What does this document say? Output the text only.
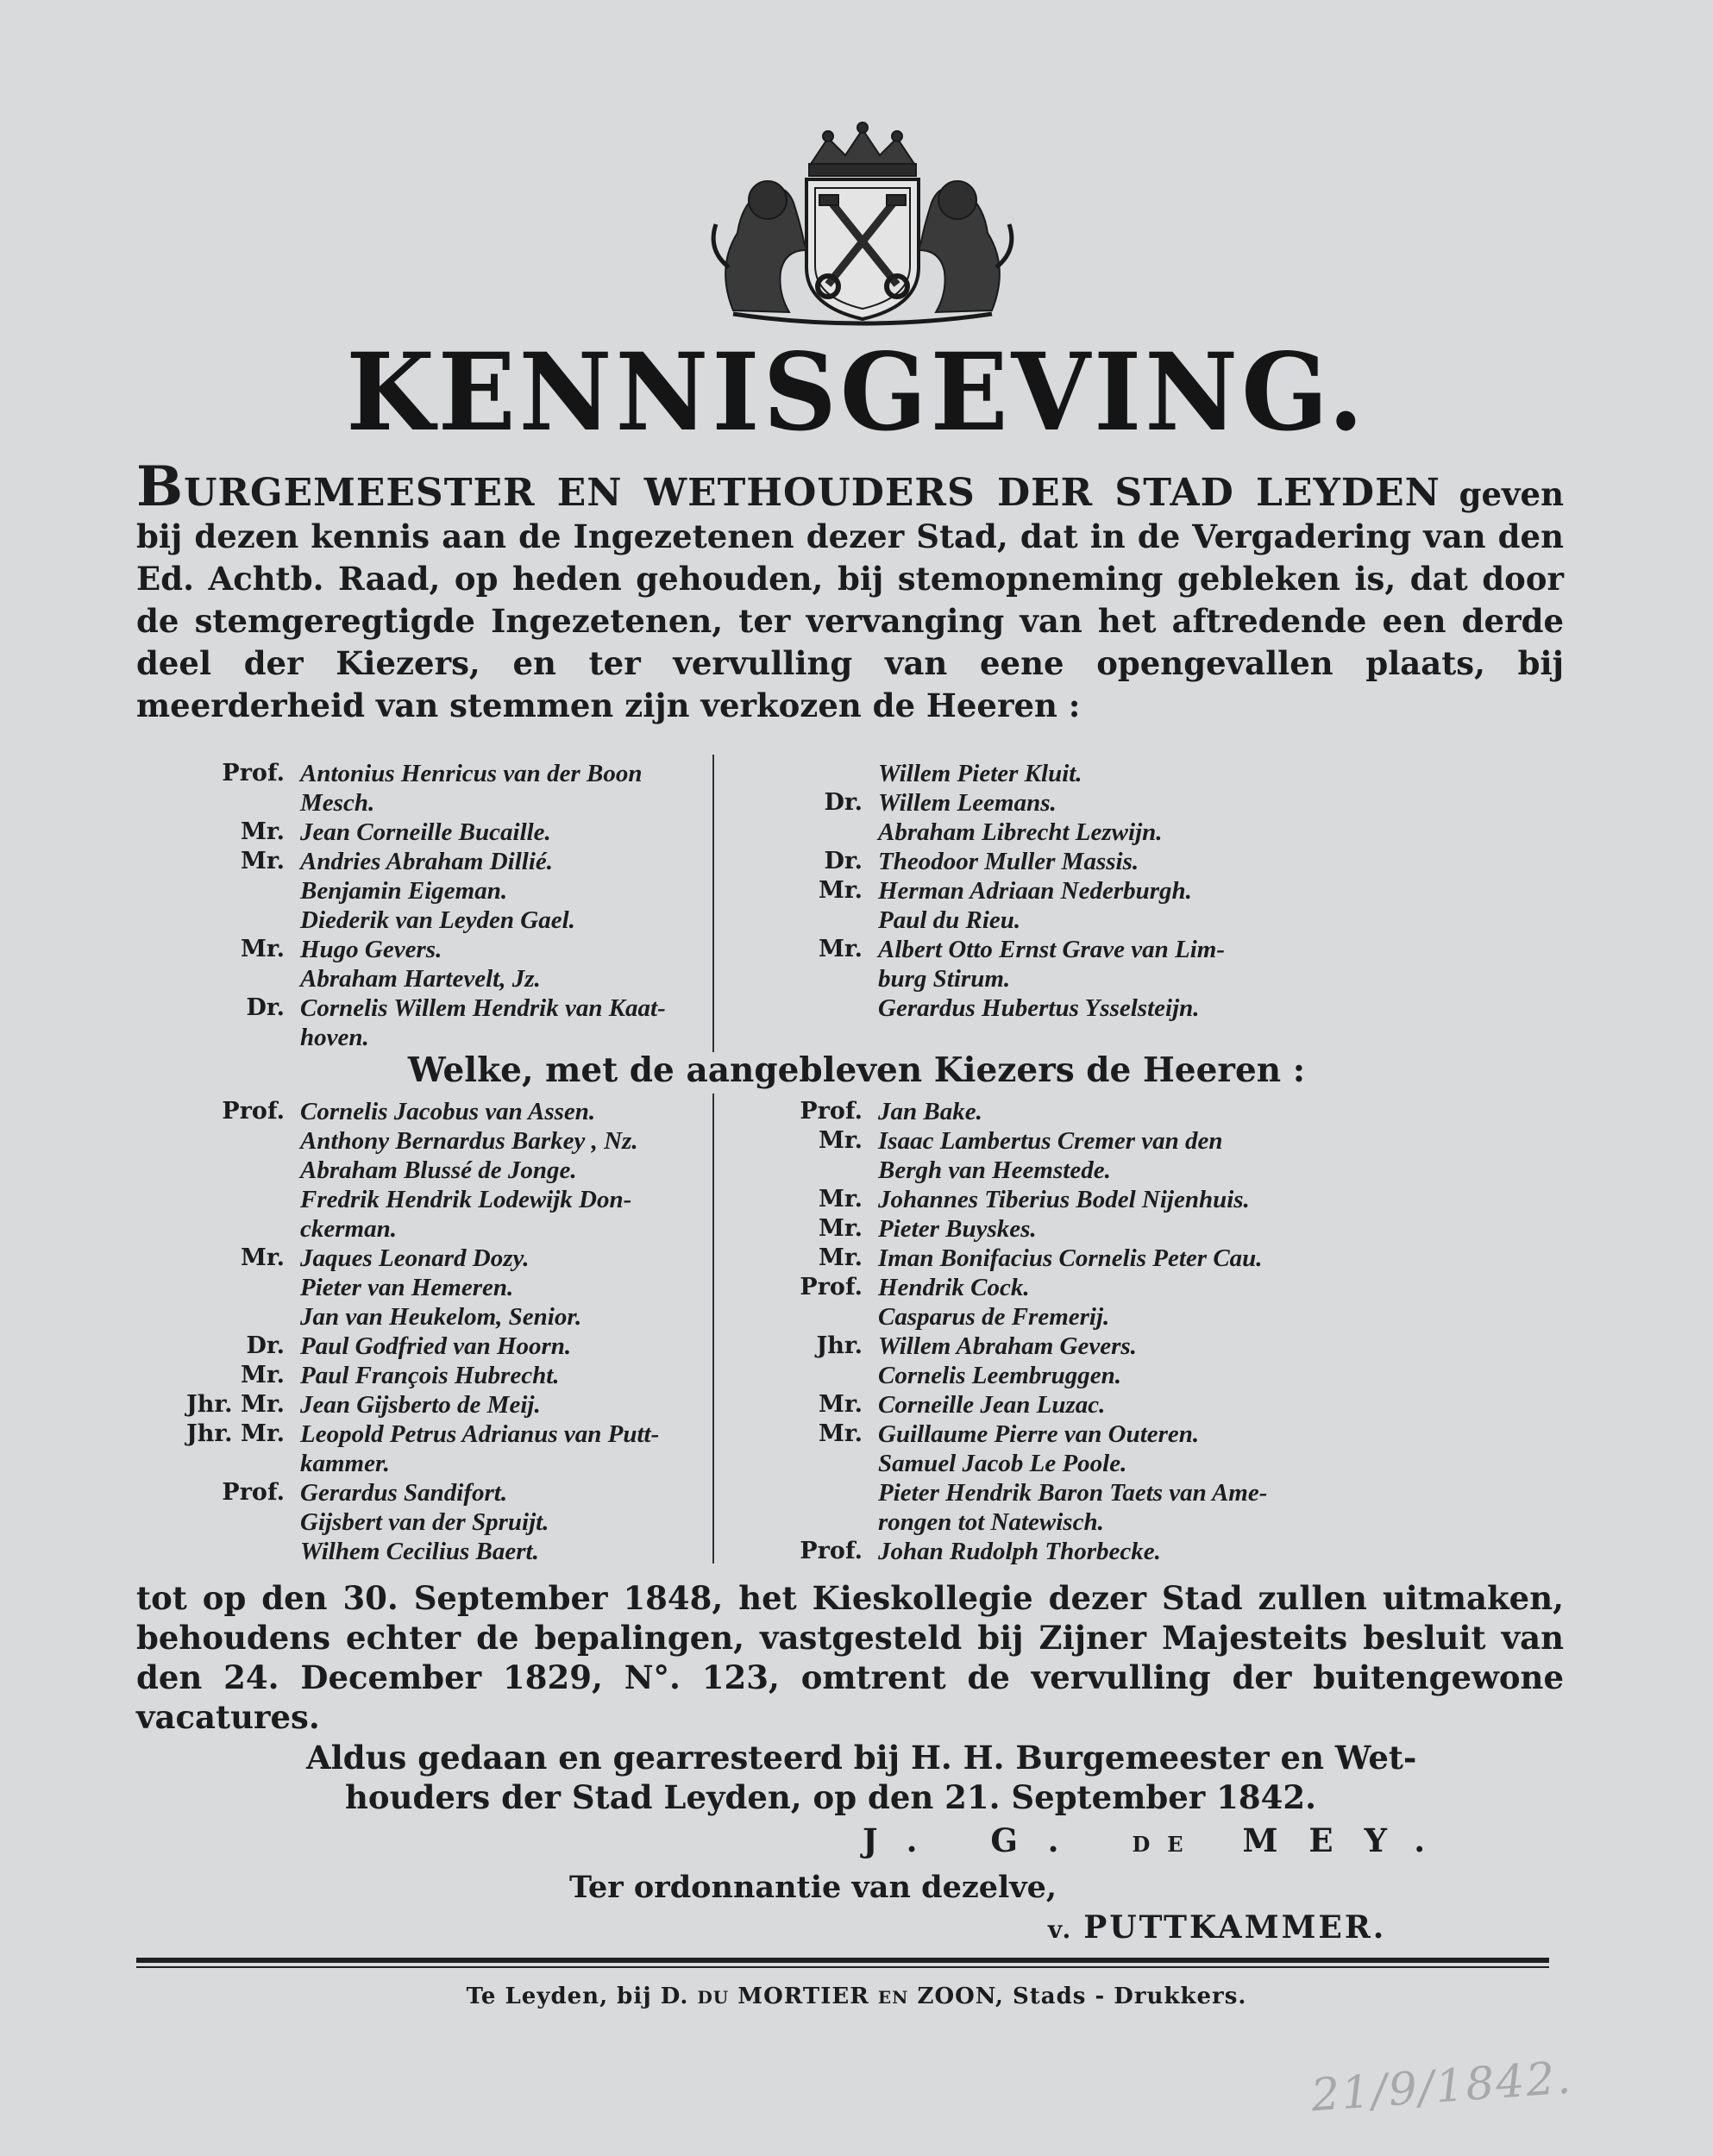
KENNISGEVING.
BURGEMEESTER EN WETHOUDERS DER STAD LEYDEN geven bij dezen kennis aan de Ingezetenen dezer Stad, dat in de Vergadering van den Ed. Achtb. Raad, op heden gehouden, bij stemopneming gebleken is, dat door de stemgeregtigde Ingezetenen, ter vervanging van het aftredende een derde deel der Kiezers, en ter vervulling van eene opengevallen plaats, bij meerderheid van stemmen zijn verkozen de Heeren :
Prof. Antonius Henricus van der Boon
Mesch.
Mr. Jean Corneille Bucaille.
Mr. Andries Abraham Dillié.
Benjamin Eigeman.
Diederik van Leyden Gael.
Mr. Hugo Gevers.
Abraham Hartevelt, Jz.
Dr. Cornelis Willem Hendrik van Kaat-
hoven.
Willem Pieter Kluit.
Dr. Willem Leemans.
Abraham Librecht Lezwijn.
Dr. Theodoor Muller Massis.
Mr. Herman Adriaan Nederburgh.
Paul du Rieu.
Mr. Albert Otto Ernst Grave van Lim-
burg Stirum.
Gerardus Hubertus Ysselsteijn.
Welke, met de aangebleven Kiezers de Heeren :
Prof. Cornelis Jacobus van Assen.
Anthony Bernardus Barkey , Nz.
Abraham Blussé de Jonge.
Fredrik Hendrik Lodewijk Don-
ckerman.
Mr. Jaques Leonard Dozy.
Pieter van Hemeren.
Jan van Heukelom, Senior.
Dr. Paul Godfried van Hoorn.
Mr. Paul François Hubrecht.
Jhr. Mr. Jean Gijsberto de Meij.
Jhr. Mr. Leopold Petrus Adrianus van Putt-
kammer.
Prof. Gerardus Sandifort.
Gijsbert van der Spruijt.
Wilhem Cecilius Baert.
Prof. Jan Bake.
Mr. Isaac Lambertus Cremer van den
Bergh van Heemstede.
Mr. Johannes Tiberius Bodel Nijenhuis.
Mr. Pieter Buyskes.
Mr. Iman Bonifacius Cornelis Peter Cau.
Prof. Hendrik Cock.
Casparus de Fremerij.
Jhr. Willem Abraham Gevers.
Cornelis Leembruggen.
Mr. Corneille Jean Luzac.
Mr. Guillaume Pierre van Outeren.
Samuel Jacob Le Poole.
Pieter Hendrik Baron Taets van Ame-
rongen tot Natewisch.
Prof. Johan Rudolph Thorbecke.
tot op den 30. September 1848, het Kieskollegie dezer Stad zullen uitmaken, behoudens echter de bepalingen, vastgesteld bij Zijner Majesteits besluit van den 24. December 1829, N°. 123, omtrent de vervulling der buitengewone vacatures.
Aldus gedaan en gearresteerd bij H. H. Burgemeester en Wet-
houders der Stad Leyden, op den 21. September 1842.
J. G. DE MEY.
Ter ordonnantie van dezelve,
v. PUTTKAMMER.
Te Leyden, bij D. DU MORTIER EN ZOON, Stads - Drukkers.
21/9/1842.
